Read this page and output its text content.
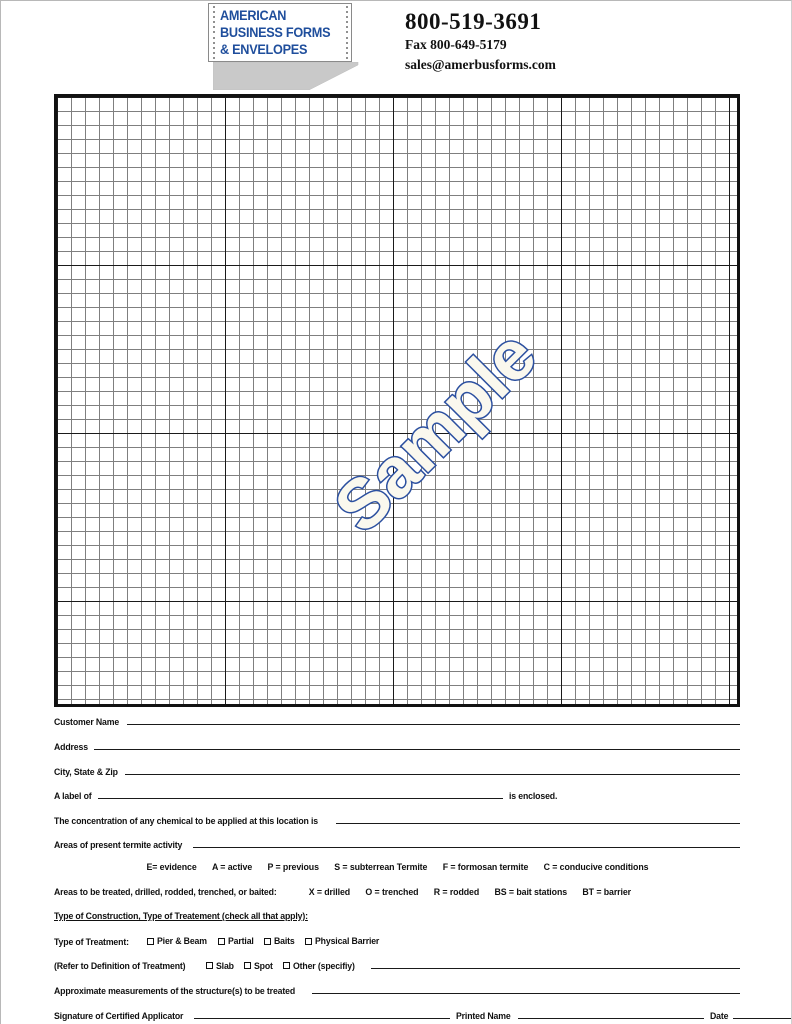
AMERICAN
BUSINESS FORMS
& ENVELOPES
800-519-3691
Fax 800-649-5179
sales@amerbusforms.com
Sample
Customer Name
Address
City, State & Zip
A label of	is enclosed.
The concentration of any chemical to be applied at this location is
Areas of present termite activity
E= evidence A = active P = previous S = subterrean Termite F = formosan termite C = conducive conditions
Areas to be treated, drilled, rodded, trenched, or baited:	X = drilled O = trenched R = rodded BS = bait stations BT = barrier
Type of Construction, Type of Treatement (check all that apply):
Type of Treatment:	Pier & Beam Partial Baits Physical Barrier
(Refer to Definition of Treatment)	Slab Spot Other (specifiy)
Approximate measurements of the structure(s) to be treated
Signature of Certified Applicator	Printed Name	Date
